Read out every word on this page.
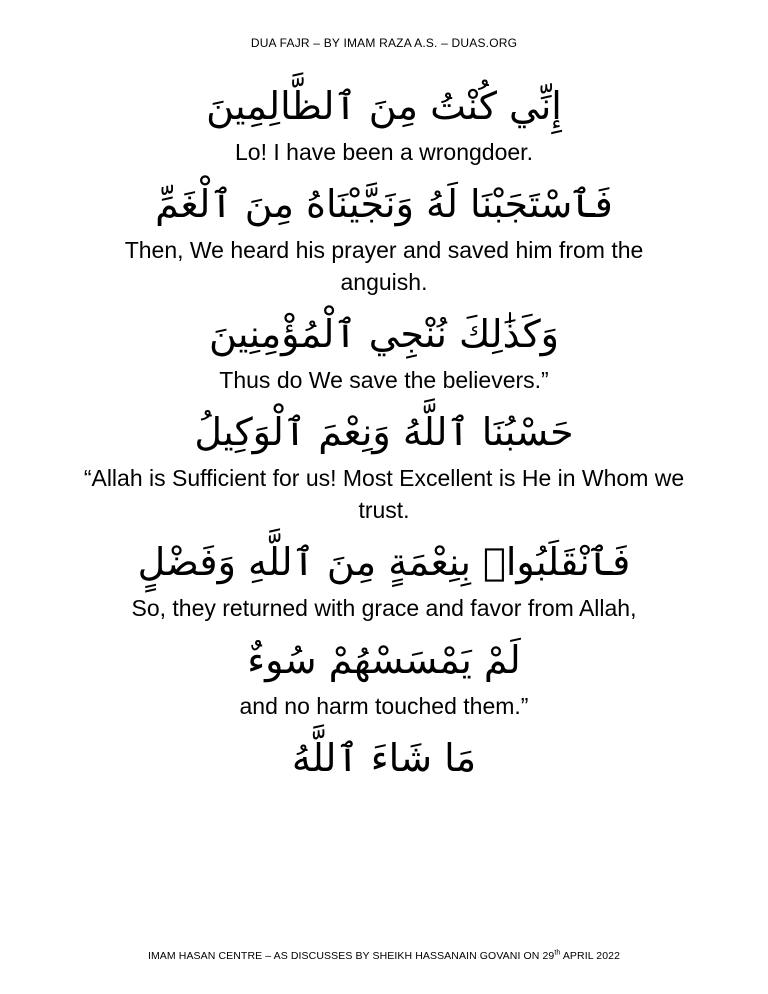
DUA FAJR – BY IMAM RAZA A.S. – DUAS.ORG

إِنِّي كُنْتُ مِنَ ٱلظَّالِمِينَ

Lo! I have been a wrongdoer.

فَٱسْتَجَبْنَا لَهُ وَنَجَّيْنَاهُ مِنَ ٱلْغَمِّ

Then, We heard his prayer and saved him from the anguish.

وَكَذَٰلِكَ نُنْجِي ٱلْمُؤْمِنِينَ

Thus do We save the believers.”

حَسْبُنَا ٱللَّهُ وَنِعْمَ ٱلْوَكِيلُ

“Allah is Sufficient for us! Most Excellent is He in Whom we trust.

فَٱنْقَلَبُوا۟ بِنِعْمَةٍ مِنَ ٱللَّهِ وَفَضْلٍ

So, they returned with grace and favor from Allah,

لَمْ يَمْسَسْهُمْ سُوءٌ

and no harm touched them.”

مَا شَاءَ ٱللَّهُ

IMAM HASAN CENTRE – AS DISCUSSES BY SHEIKH HASSANAIN GOVANI ON 29th APRIL 2022
